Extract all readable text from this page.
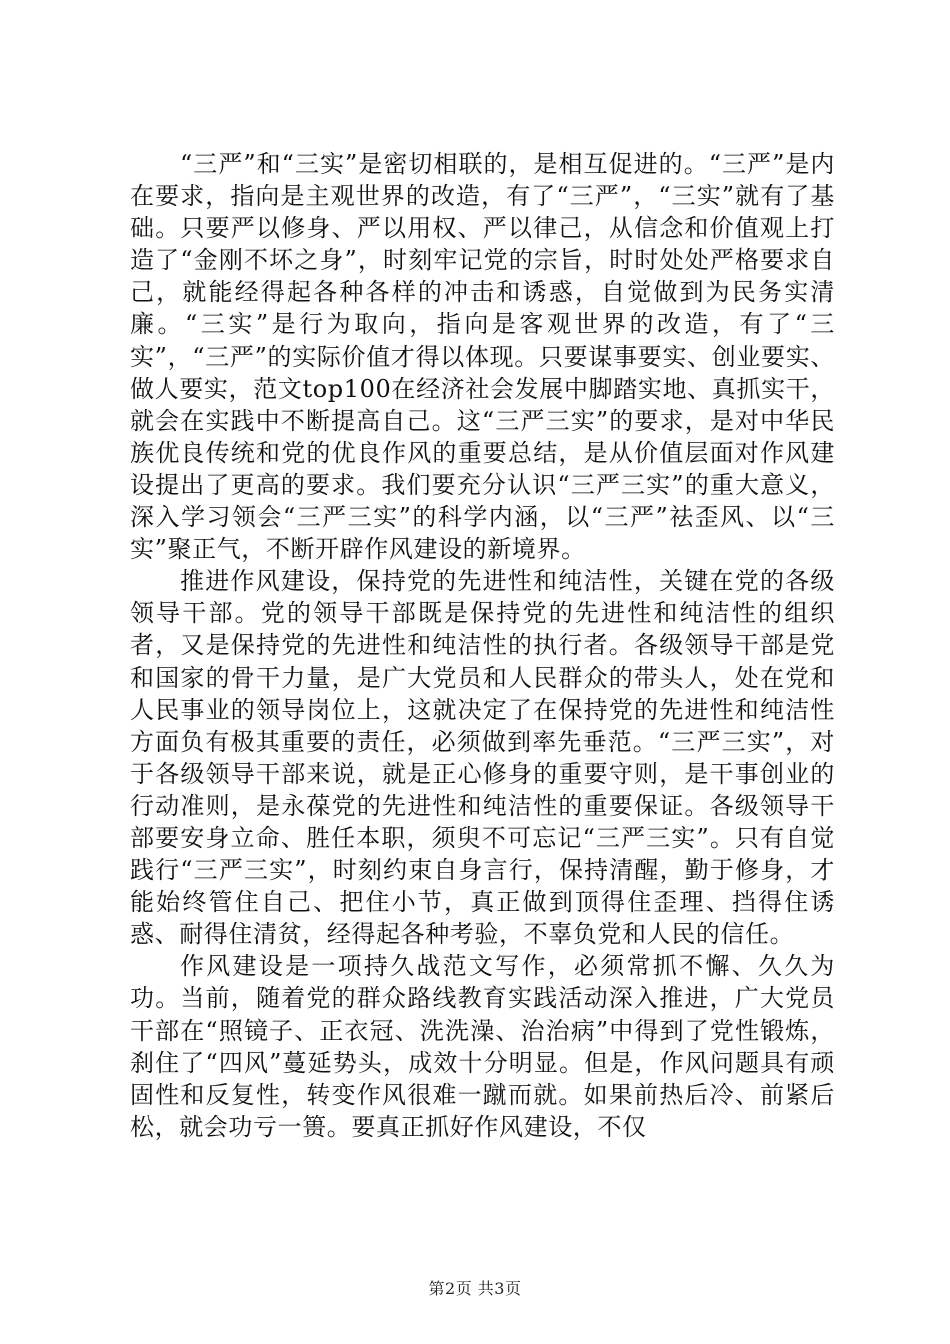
“三严”和“三实”是密切相联的，是相互促进的。“三严”是内在要求，指向是主观世界的改造，有了“三严”，“三实”就有了基础。只要严以修身、严以用权、严以律己，从信念和价值观上打造了“金刚不坏之身”，时刻牢记党的宗旨，时时处处严格要求自己，就能经得起各种各样的冲击和诱惑，自觉做到为民务实清廉。“三实”是行为取向，指向是客观世界的改造，有了“三实”，“三严”的实际价值才得以体现。只要谋事要实、创业要实、做人要实，范文top100在经济社会发展中脚踏实地、真抓实干，就会在实践中不断提高自己。这“三严三实”的要求，是对中华民族优良传统和党的优良作风的重要总结，是从价值层面对作风建设提出了更高的要求。我们要充分认识“三严三实”的重大意义，深入学习领会“三严三实”的科学内涵，以“三严”祛歪风、以“三实”聚正气，不断开辟作风建设的新境界。

推进作风建设，保持党的先进性和纯洁性，关键在党的各级领导干部。党的领导干部既是保持党的先进性和纯洁性的组织者，又是保持党的先进性和纯洁性的执行者。各级领导干部是党和国家的骨干力量，是广大党员和人民群众的带头人，处在党和人民事业的领导岗位上，这就决定了在保持党的先进性和纯洁性方面负有极其重要的责任，必须做到率先垂范。“三严三实”，对于各级领导干部来说，就是正心修身的重要守则，是干事创业的行动准则，是永葆党的先进性和纯洁性的重要保证。各级领导干部要安身立命、胜任本职，须臾不可忘记“三严三实”。只有自觉践行“三严三实”，时刻约束自身言行，保持清醒，勤于修身，才能始终管住自己、把住小节，真正做到顶得住歪理、挡得住诱惑、耐得住清贫，经得起各种考验，不辜负党和人民的信任。

作风建设是一项持久战范文写作，必须常抓不懈、久久为功。当前，随着党的群众路线教育实践活动深入推进，广大党员干部在“照镜子、正衣冠、洗洗澡、治治病”中得到了党性锻炼，刹住了“四风”蔓延势头，成效十分明显。但是，作风问题具有顽固性和反复性，转变作风很难一蹴而就。如果前热后冷、前紧后松，就会功亏一篑。要真正抓好作风建设，不仅

第2页 共3页
